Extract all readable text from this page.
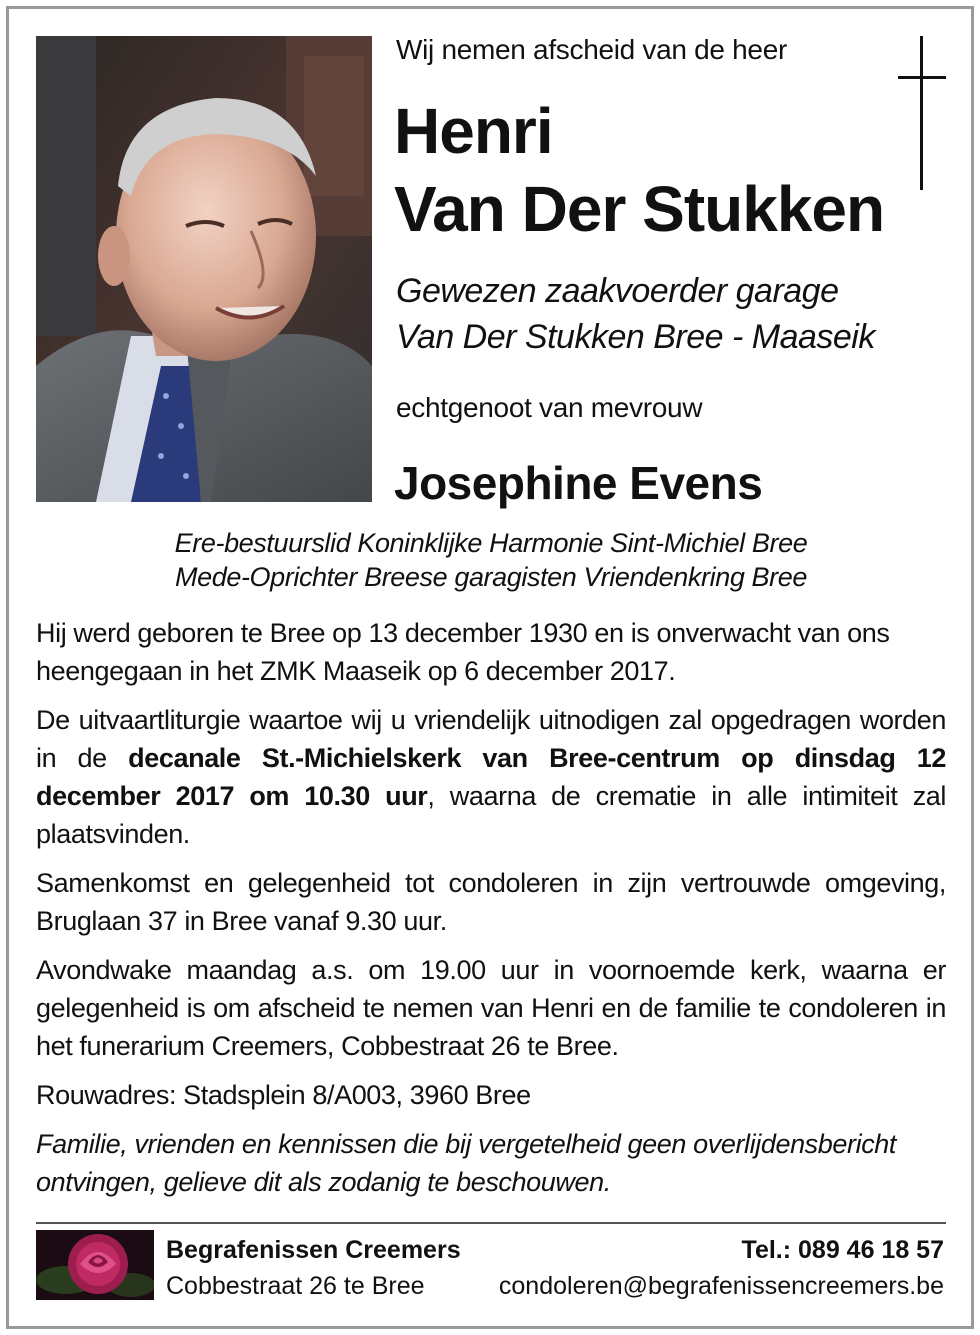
Wij nemen afscheid van de heer
Henri
Van Der Stukken
Gewezen zaakvoerder garage
Van Der Stukken Bree - Maaseik
echtgenoot van mevrouw
Josephine Evens
Ere-bestuurslid Koninklijke Harmonie Sint-Michiel Bree
Mede-Oprichter Breese garagisten Vriendenkring Bree

Hij werd geboren te Bree op 13 december 1930 en is onverwacht van ons heengegaan in het ZMK Maaseik op 6 december 2017.

De uitvaartliturgie waartoe wij u vriendelijk uitnodigen zal opgedragen worden in de decanale St.-Michielskerk van Bree-centrum op dinsdag 12 december 2017 om 10.30 uur, waarna de crematie in alle intimiteit zal plaatsvinden.

Samenkomst en gelegenheid tot condoleren in zijn vertrouwde omgeving, Bruglaan 37 in Bree vanaf 9.30 uur.

Avondwake maandag a.s. om 19.00 uur in voornoemde kerk, waarna er gelegenheid is om afscheid te nemen van Henri en de familie te condoleren in het funerarium Creemers, Cobbestraat 26 te Bree.

Rouwadres: Stadsplein 8/A003, 3960 Bree

Familie, vrienden en kennissen die bij vergetelheid geen overlijdensbericht ontvingen, gelieve dit als zodanig te beschouwen.

Begrafenissen Creemers
Cobbestraat 26 te Bree
Tel.: 089 46 18 57
condoleren@begrafenissencreemers.be
